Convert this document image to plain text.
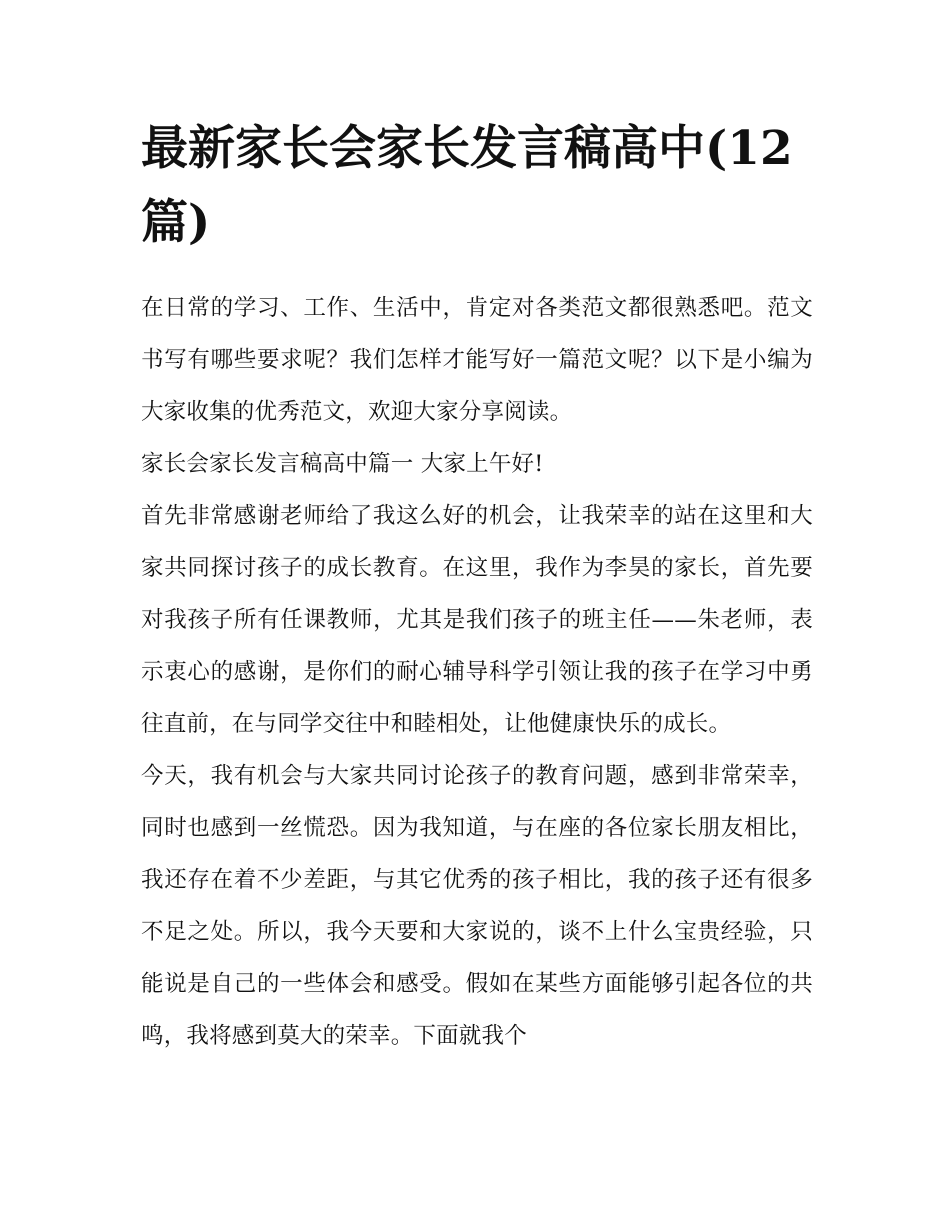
最新家长会家长发言稿高中(12篇)

在日常的学习、工作、生活中，肯定对各类范文都很熟悉吧。范文书写有哪些要求呢？我们怎样才能写好一篇范文呢？以下是小编为大家收集的优秀范文，欢迎大家分享阅读。

家长会家长发言稿高中篇一 大家上午好!

首先非常感谢老师给了我这么好的机会，让我荣幸的站在这里和大家共同探讨孩子的成长教育。在这里，我作为李昊的家长，首先要对我孩子所有任课教师，尤其是我们孩子的班主任——朱老师，表示衷心的感谢，是你们的耐心辅导科学引领让我的孩子在学习中勇往直前，在与同学交往中和睦相处，让他健康快乐的成长。

今天，我有机会与大家共同讨论孩子的教育问题，感到非常荣幸，同时也感到一丝慌恐。因为我知道，与在座的各位家长朋友相比，我还存在着不少差距，与其它优秀的孩子相比，我的孩子还有很多不足之处。所以，我今天要和大家说的，谈不上什么宝贵经验，只能说是自己的一些体会和感受。假如在某些方面能够引起各位的共鸣，我将感到莫大的荣幸。下面就我个
